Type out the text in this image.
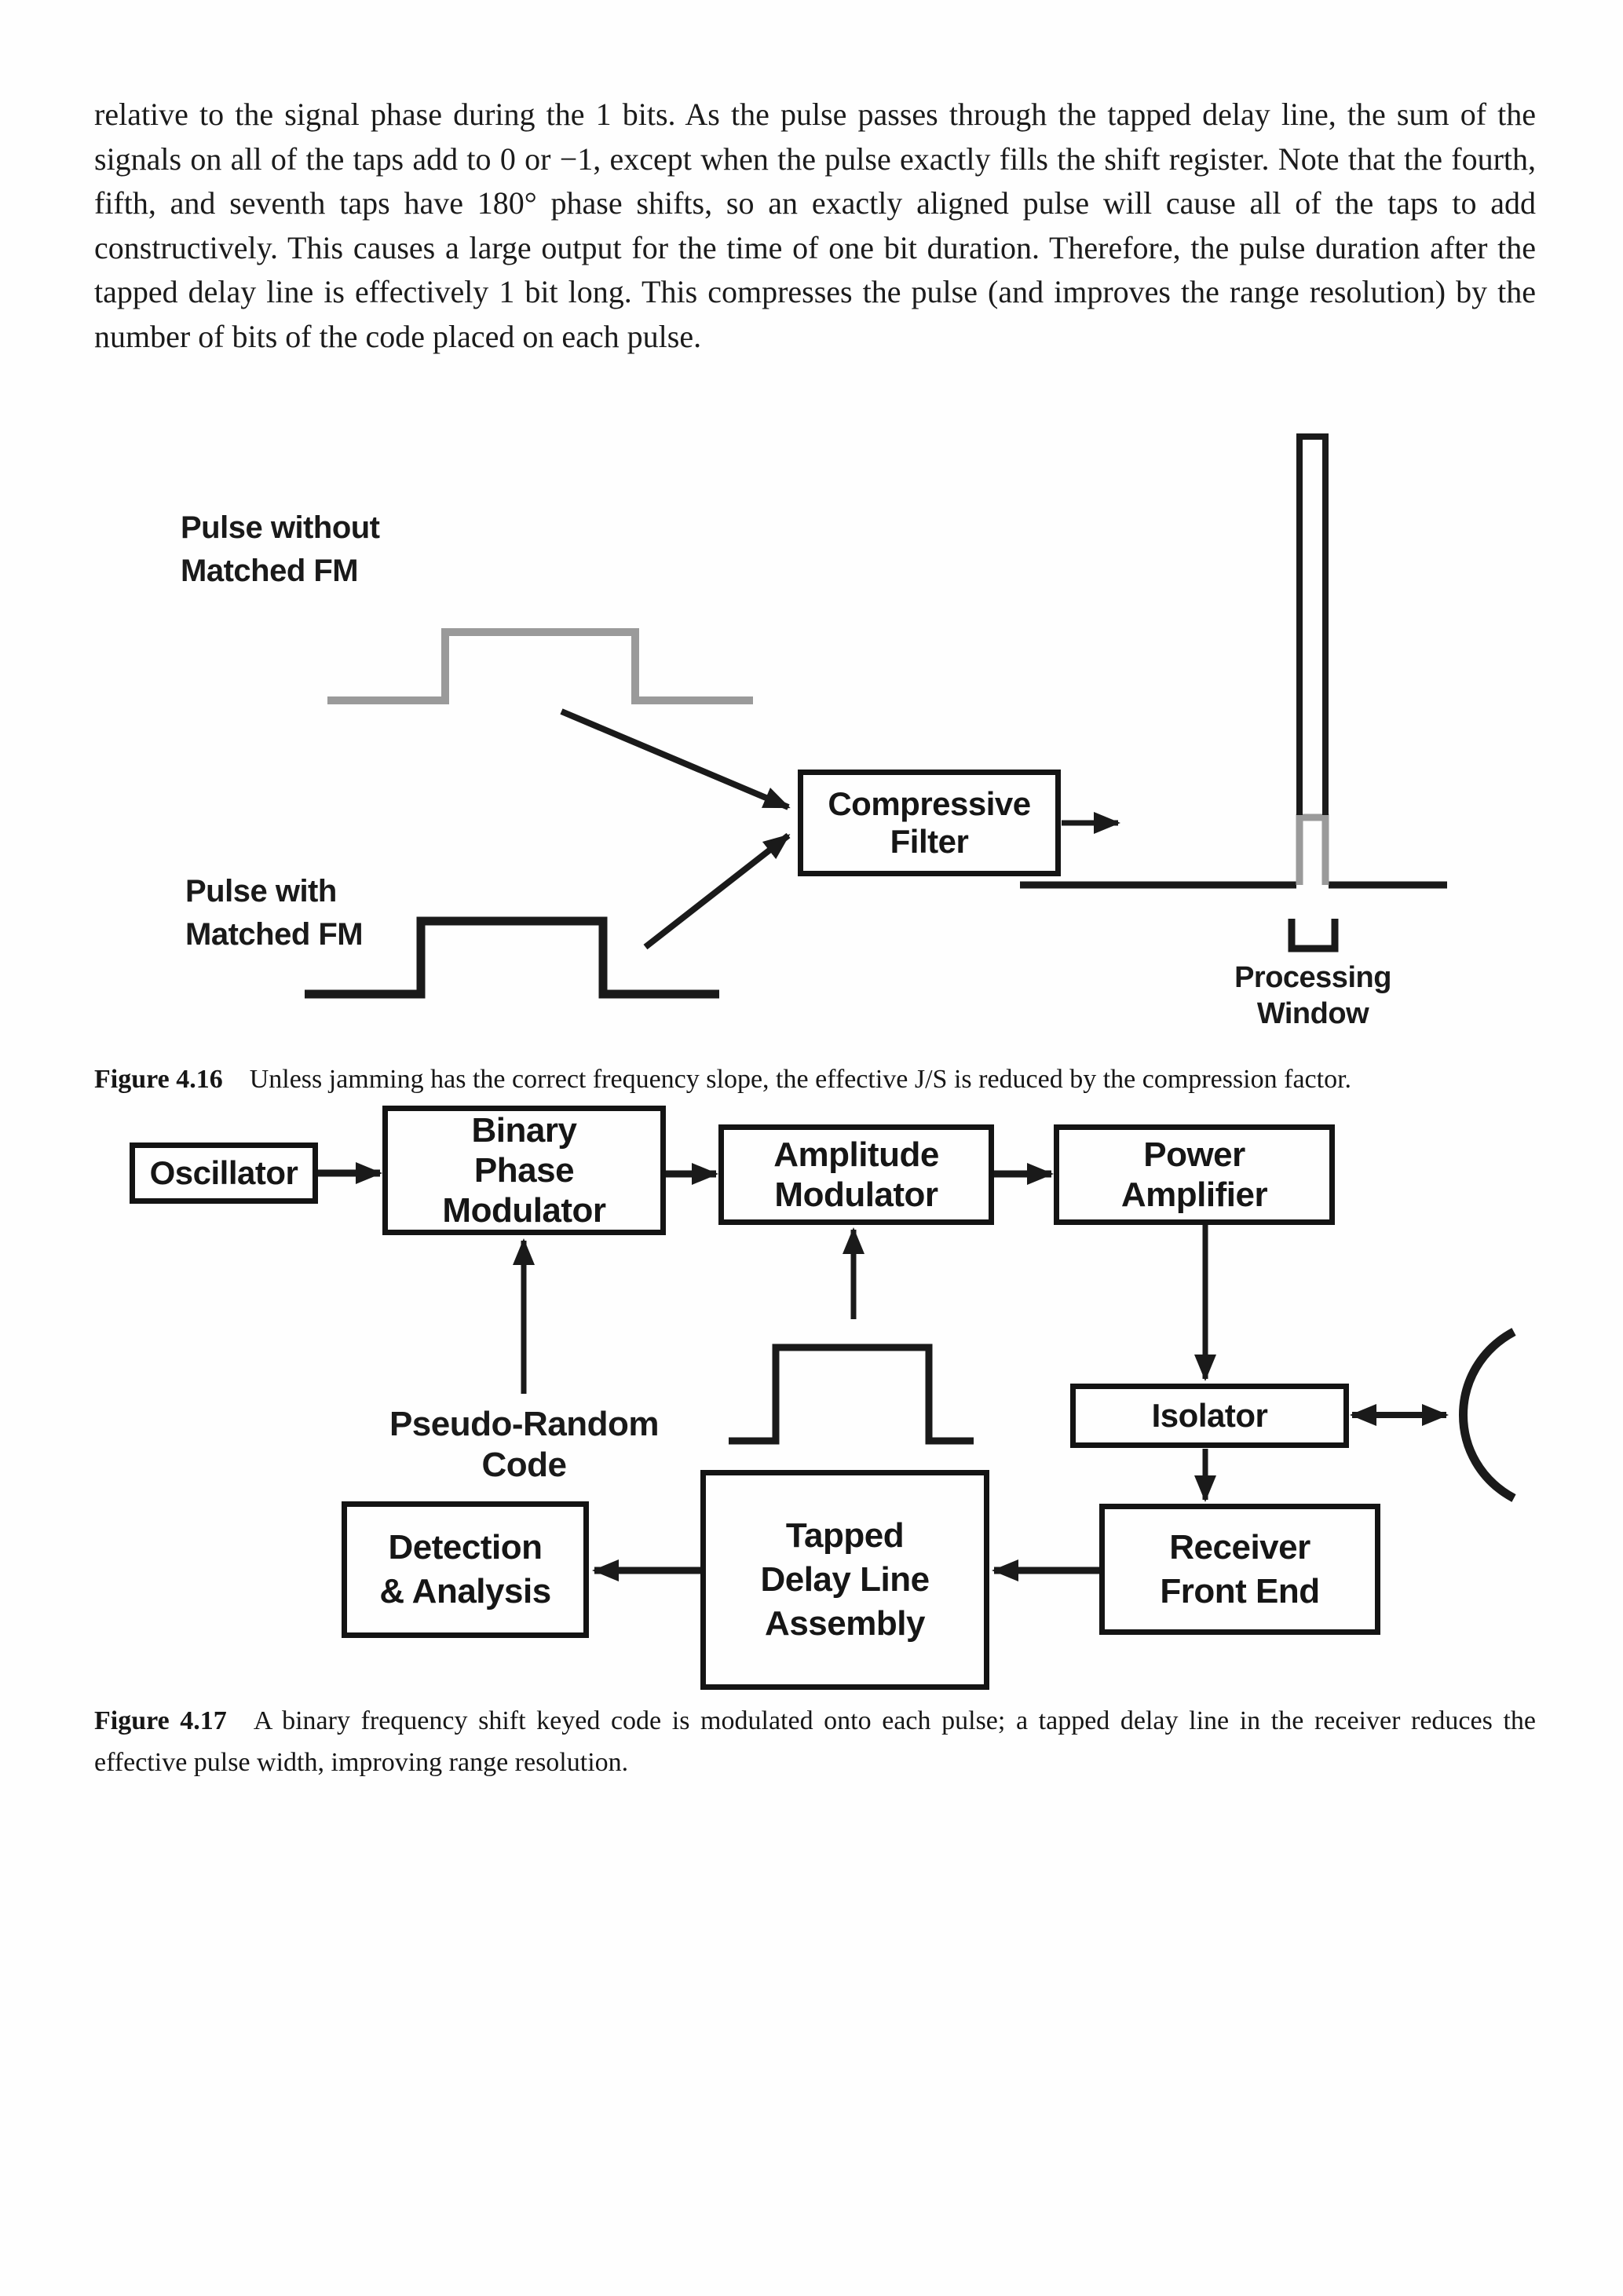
relative to the signal phase during the 1 bits. As the pulse passes through the tapped delay line, the sum of the signals on all of the taps add to 0 or −1, except when the pulse exactly fills the shift register. Note that the fourth, fifth, and seventh taps have 180° phase shifts, so an exactly aligned pulse will cause all of the taps to add constructively. This causes a large output for the time of one bit duration. Therefore, the pulse duration after the tapped delay line is effectively 1 bit long. This compresses the pulse (and improves the range resolution) by the number of bits of the code placed on each pulse.

Pulse without
Matched FM
Pulse with
Matched FM
Compressive
Filter
Processing
Window

Figure 4.16 Unless jamming has the correct frequency slope, the effective J/S is reduced by the compression factor.

Oscillator
Binary
Phase
Modulator
Amplitude
Modulator
Power
Amplifier
Isolator
Receiver
Front End
Tapped
Delay Line
Assembly
Detection
& Analysis
Pseudo-Random
Code

Figure 4.17 A binary frequency shift keyed code is modulated onto each pulse; a tapped delay line in the receiver reduces the effective pulse width, improving range resolution.
